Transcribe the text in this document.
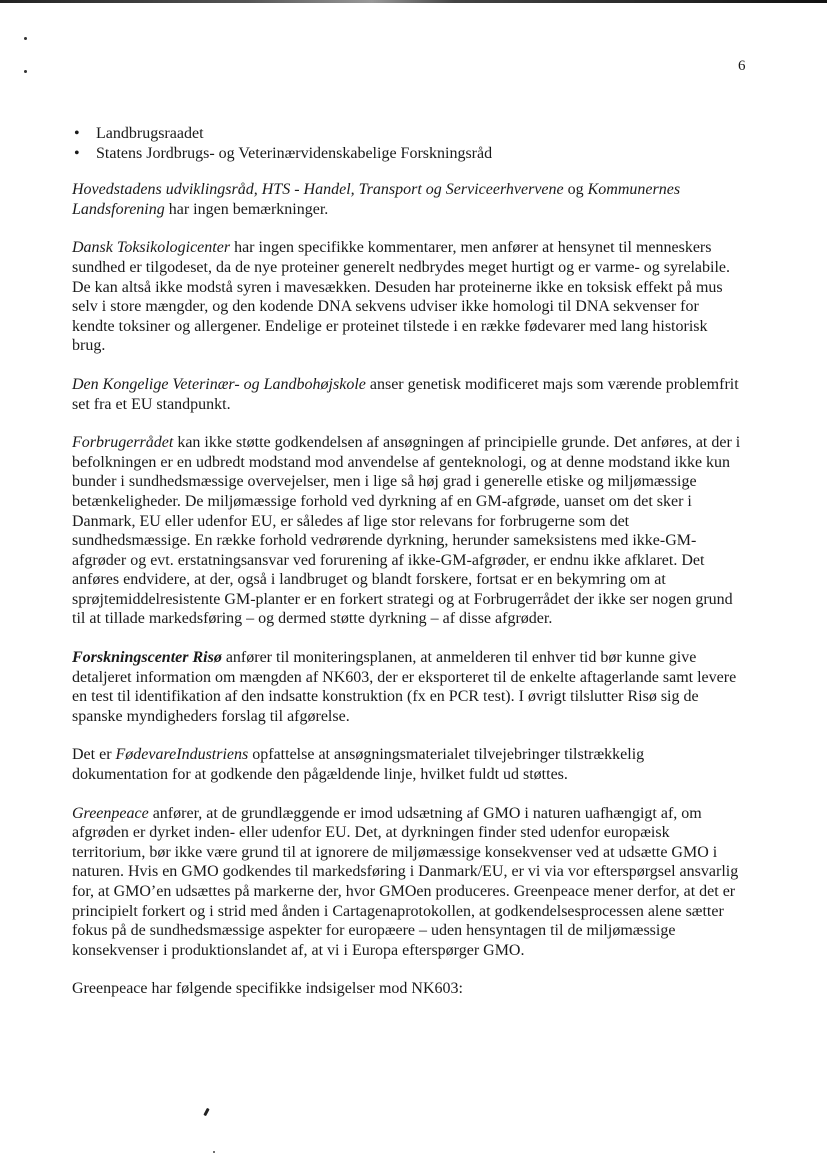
6
• Landbrugsraadet
• Statens Jordbrugs- og Veterinærvidenskabelige Forskningsråd

Hovedstadens udviklingsråd, HTS - Handel, Transport og Serviceerhvervene og Kommunernes Landsforening har ingen bemærkninger.

Dansk Toksikologicenter har ingen specifikke kommentarer, men anfører at hensynet til menneskers sundhed er tilgodeset, da de nye proteiner generelt nedbrydes meget hurtigt og er varme- og syrelabile. De kan altså ikke modstå syren i mavesækken. Desuden har proteinerne ikke en toksisk effekt på mus selv i store mængder, og den kodende DNA sekvens udviser ikke homologi til DNA sekvenser for kendte toksiner og allergener. Endelige er proteinet tilstede i en række fødevarer med lang historisk brug.

Den Kongelige Veterinær- og Landbohøjskole anser genetisk modificeret majs som værende problemfrit set fra et EU standpunkt.

Forbrugerrådet kan ikke støtte godkendelsen af ansøgningen af principielle grunde. Det anføres, at der i befolkningen er en udbredt modstand mod anvendelse af genteknologi, og at denne modstand ikke kun bunder i sundhedsmæssige overvejelser, men i lige så høj grad i generelle etiske og miljømæssige betænkeligheder. De miljømæssige forhold ved dyrkning af en GM-afgrøde, uanset om det sker i Danmark, EU eller udenfor EU, er således af lige stor relevans for forbrugerne som det sundhedsmæssige. En række forhold vedrørende dyrkning, herunder sameksistens med ikke-GM-afgrøder og evt. erstatningsansvar ved forurening af ikke-GM-afgrøder, er endnu ikke afklaret. Det anføres endvidere, at der, også i landbruget og blandt forskere, fortsat er en bekymring om at sprøjtemiddelresistente GM-planter er en forkert strategi og at Forbrugerrådet der ikke ser nogen grund til at tillade markedsføring – og dermed støtte dyrkning – af disse afgrøder.

Forskningscenter Risø anfører til moniteringsplanen, at anmelderen til enhver tid bør kunne give detaljeret information om mængden af NK603, der er eksporteret til de enkelte aftagerlande samt levere en test til identifikation af den indsatte konstruktion (fx en PCR test). I øvrigt tilslutter Risø sig de spanske myndigheders forslag til afgørelse.

Det er FødevareIndustriens opfattelse at ansøgningsmaterialet tilvejebringer tilstrækkelig dokumentation for at godkende den pågældende linje, hvilket fuldt ud støttes.

Greenpeace anfører, at de grundlæggende er imod udsætning af GMO i naturen uafhængigt af, om afgrøden er dyrket inden- eller udenfor EU. Det, at dyrkningen finder sted udenfor europæisk territorium, bør ikke være grund til at ignorere de miljømæssige konsekvenser ved at udsætte GMO i naturen. Hvis en GMO godkendes til markedsføring i Danmark/EU, er vi via vor efterspørgsel ansvarlig for, at GMO’en udsættes på markerne der, hvor GMOen produceres. Greenpeace mener derfor, at det er principielt forkert og i strid med ånden i Cartagenaprotokollen, at godkendelsesprocessen alene sætter fokus på de sundhedsmæssige aspekter for europæere – uden hensyntagen til de miljømæssige konsekvenser i produktionslandet af, at vi i Europa efterspørger GMO.

Greenpeace har følgende specifikke indsigelser mod NK603:
